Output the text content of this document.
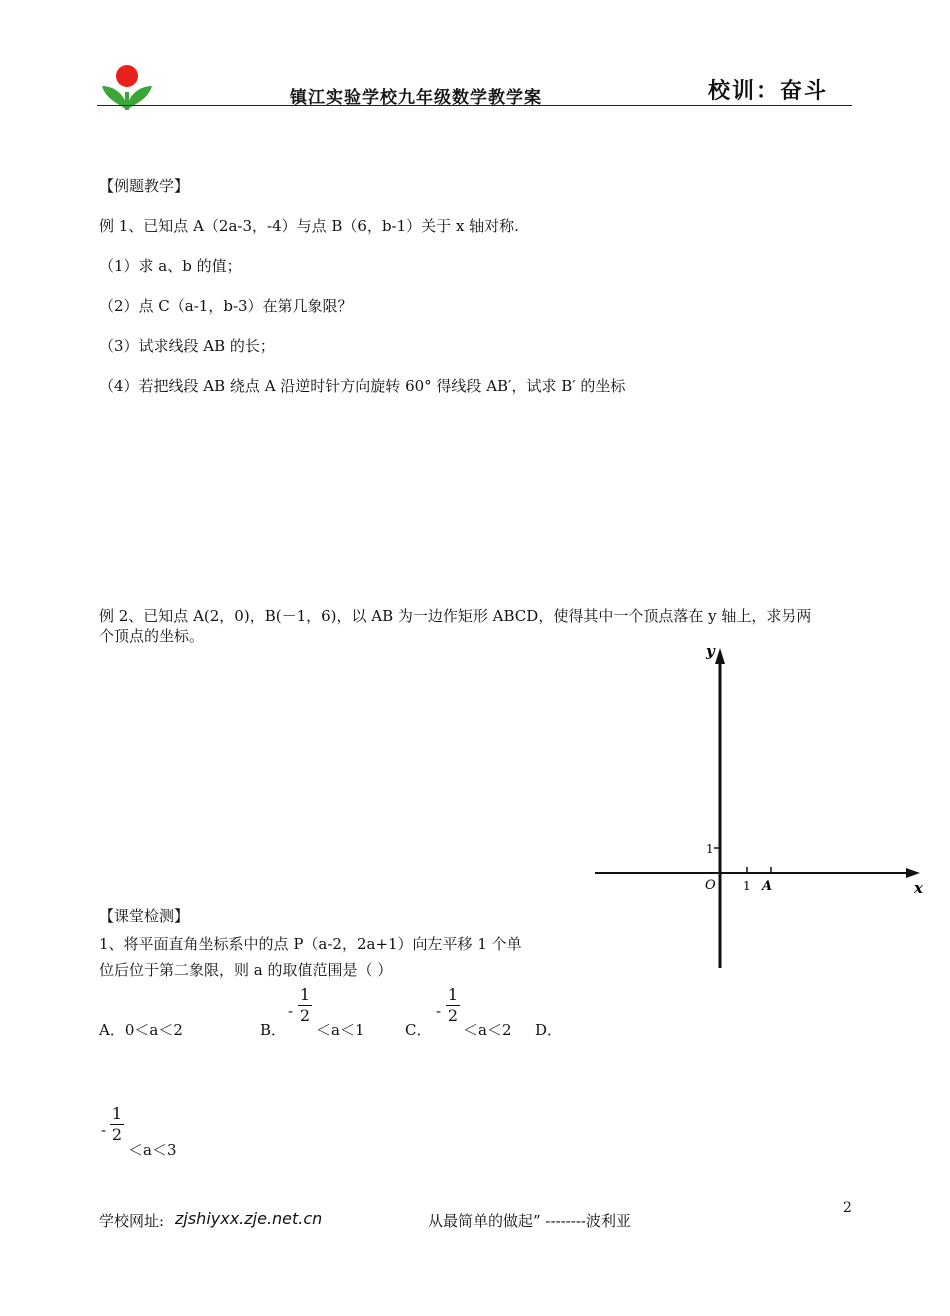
镇江实验学校九年级数学教学案	校训：奋斗
【例题教学】
例 1、已知点 A（2a-3，-4）与点 B（6，b-1）关于 x 轴对称.
（1）求 a、b 的值；
（2）点 C（a-1，b-3）在第几象限？
（3）试求线段 AB 的长；
（4）若把线段 AB 绕点 A 沿逆时针方向旋转 60° 得线段 AB′，试求 B′ 的坐标
例 2、已知点 A(2，0)，B(－1，6)，以 AB 为一边作矩形 ABCD，使得其中一个顶点落在 y 轴上，求另两
个顶点的坐标。
y
x
O 1
1
A
【课堂检测】
1、将平面直角坐标系中的点 P（a-2，2a+1）向左平移 1 个单
位后位于第二象限，则 a 的取值范围是（ ）
A．0＜a＜2	B．
-
1
2
＜a＜1	C．
-
1
2
＜a＜2 D．
-
1
2
＜a＜3
学校网址: zjshiyxx.zje.net.cn	从最简单的做起” --------波利亚
2
